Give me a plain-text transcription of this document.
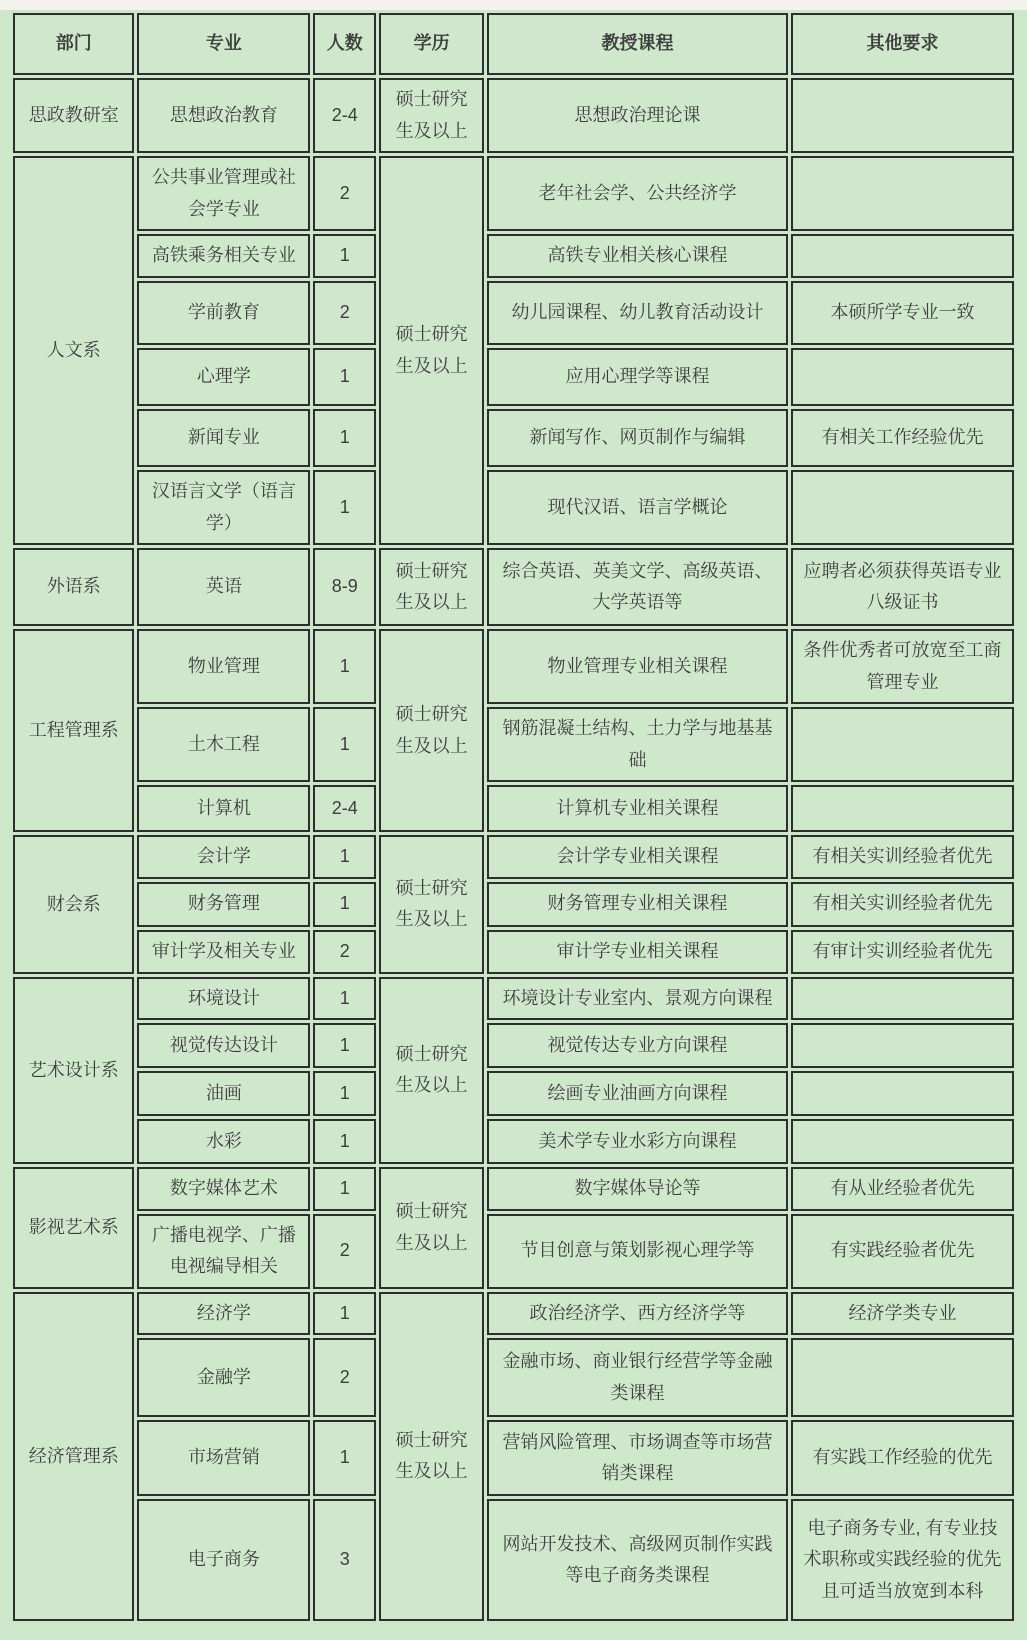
部门	专业	人数	学历	教授课程	其他要求
思政教研室	思想政治教育	2-4	硕士研究生及以上	思想政治理论课	
人文系	公共事业管理或社会学专业	2	硕士研究生及以上	老年社会学、公共经济学	
	高铁乘务相关专业	1		高铁专业相关核心课程	
	学前教育	2		幼儿园课程、幼儿教育活动设计	本硕所学专业一致
	心理学	1		应用心理学等课程	
	新闻专业	1		新闻写作、网页制作与编辑	有相关工作经验优先
	汉语言文学（语言学）	1		现代汉语、语言学概论	
外语系	英语	8-9	硕士研究生及以上	综合英语、英美文学、高级英语、大学英语等	应聘者必须获得英语专业八级证书
工程管理系	物业管理	1	硕士研究生及以上	物业管理专业相关课程	条件优秀者可放宽至工商管理专业
	土木工程	1		钢筋混凝土结构、土力学与地基基础	
	计算机	2-4		计算机专业相关课程	
财会系	会计学	1	硕士研究生及以上	会计学专业相关课程	有相关实训经验者优先
	财务管理	1		财务管理专业相关课程	有相关实训经验者优先
	审计学及相关专业	2		审计学专业相关课程	有审计实训经验者优先
艺术设计系	环境设计	1	硕士研究生及以上	环境设计专业室内、景观方向课程	
	视觉传达设计	1		视觉传达专业方向课程	
	油画	1		绘画专业油画方向课程	
	水彩	1		美术学专业水彩方向课程	
影视艺术系	数字媒体艺术	1	硕士研究生及以上	数字媒体导论等	有从业经验者优先
	广播电视学、广播电视编导相关	2		节目创意与策划影视心理学等	有实践经验者优先
经济管理系	经济学	1	硕士研究生及以上	政治经济学、西方经济学等	经济学类专业
	金融学	2		金融市场、商业银行经营学等金融类课程	
	市场营销	1		营销风险管理、市场调查等市场营销类课程	有实践工作经验的优先
	电子商务	3		网站开发技术、高级网页制作实践等电子商务类课程	电子商务专业, 有专业技术职称或实践经验的优先且可适当放宽到本科
